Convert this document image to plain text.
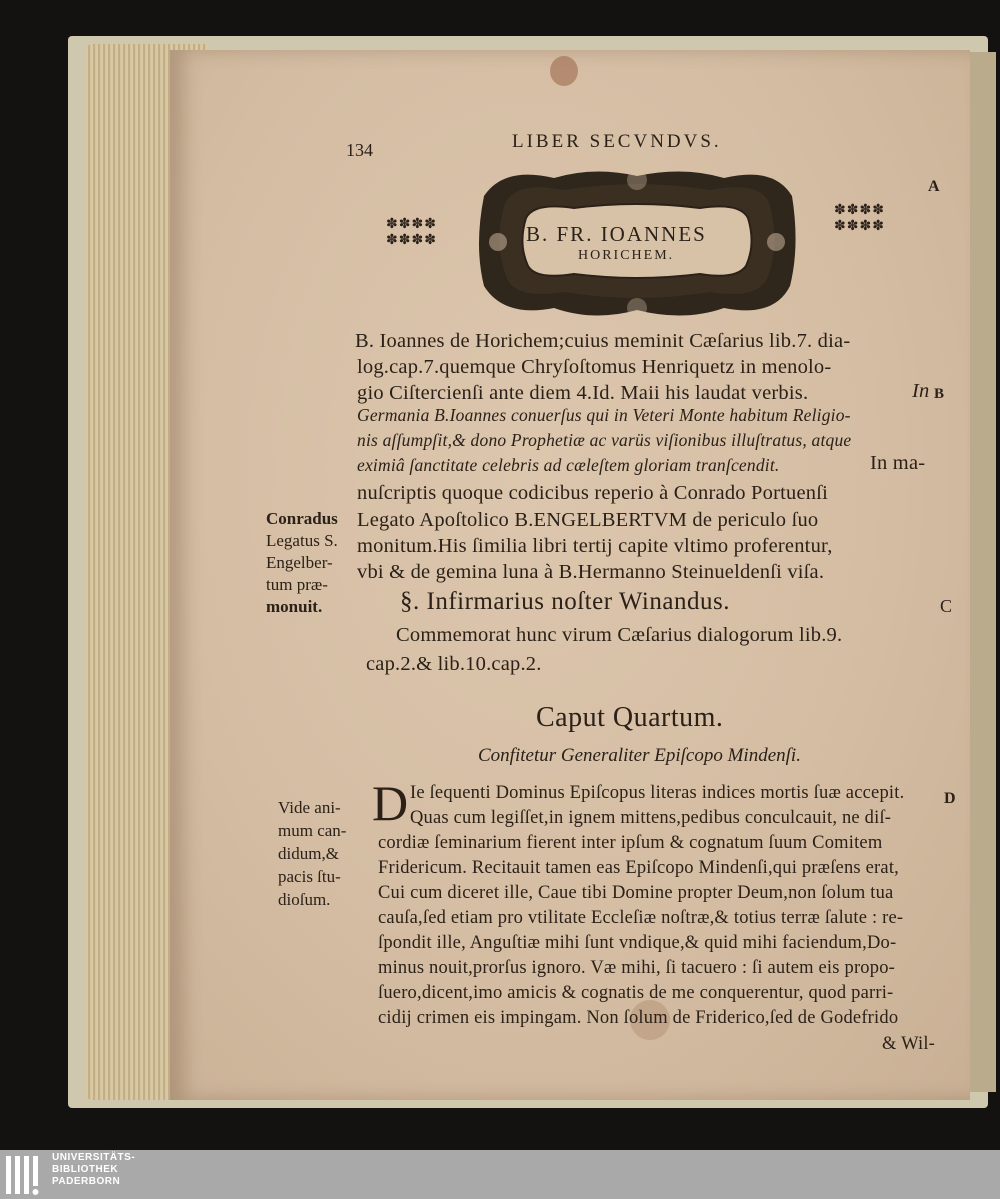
134	LIBER SECVNDVS.
A
✽✽✽✽
✽✽✽✽
✽✽✽✽
✽✽✽✽
B. FR. IOANNES
HORICHEM.
B. Ioannes de Horichem;cuius meminit Cæſarius lib.7. dia-
log.cap.7.quemque Chryſoſtomus Henriquetz in menolo-
gio Ciſtercienſi ante diem 4.Id. Maii his laudat verbis.	In
Germania B.Ioannes conuerſus qui in Veteri Monte habitum Religio-
nis aſſumpſit,& dono Prophetiæ ac varüs viſionibus illuſtratus, atque
eximiâ ſanctitate celebris ad cæleſtem gloriam tranſcendit.	In ma-
nuſcriptis quoque codicibus reperio à Conrado Portuenſi
Legato Apoſtolico B.ENGELBERTVM de periculo ſuo
monitum.His ſimilia libri tertij capite vltimo proferentur,
vbi & de gemina luna à B.Hermanno Steinueldenſi viſa.
B
Conradus
Legatus S.
Engelber-
tum præ-
monuit.	§. Infirmarius noſter Winandus.	C
Commemorat hunc virum Cæſarius dialogorum lib.9.
cap.2.& lib.10.cap.2.
Caput Quartum.
Confitetur Generaliter Epiſcopo Mindenſi.
D	D
Ie ſequenti Dominus Epiſcopus literas indices mortis ſuæ accepit.
Quas cum legiſſet,in ignem mittens,pedibus conculcauit, ne diſ-
cordiæ ſeminarium fierent inter ipſum & cognatum ſuum Comitem
Fridericum. Recitauit tamen eas Epiſcopo Mindenſi,qui præſens erat,
Cui cum diceret ille, Caue tibi Domine propter Deum,non ſolum tua
cauſa,ſed etiam pro vtilitate Eccleſiæ noſtræ,& totius terræ ſalute : re-
ſpondit ille, Anguſtiæ mihi ſunt vndique,& quid mihi faciendum,Do-
minus nouit,prorſus ignoro. Væ mihi, ſi tacuero : ſi autem eis propo-
ſuero,dicent,imo amicis & cognatis de me conquerentur, quod parri-
cidij crimen eis impingam. Non ſolum de Friderico,ſed de Godefrido
& Wil-
Vide ani-
mum can-
didum,&
pacis ſtu-
dioſum.
UNIVERSITÄTS-
BIBLIOTHEK
PADERBORN
